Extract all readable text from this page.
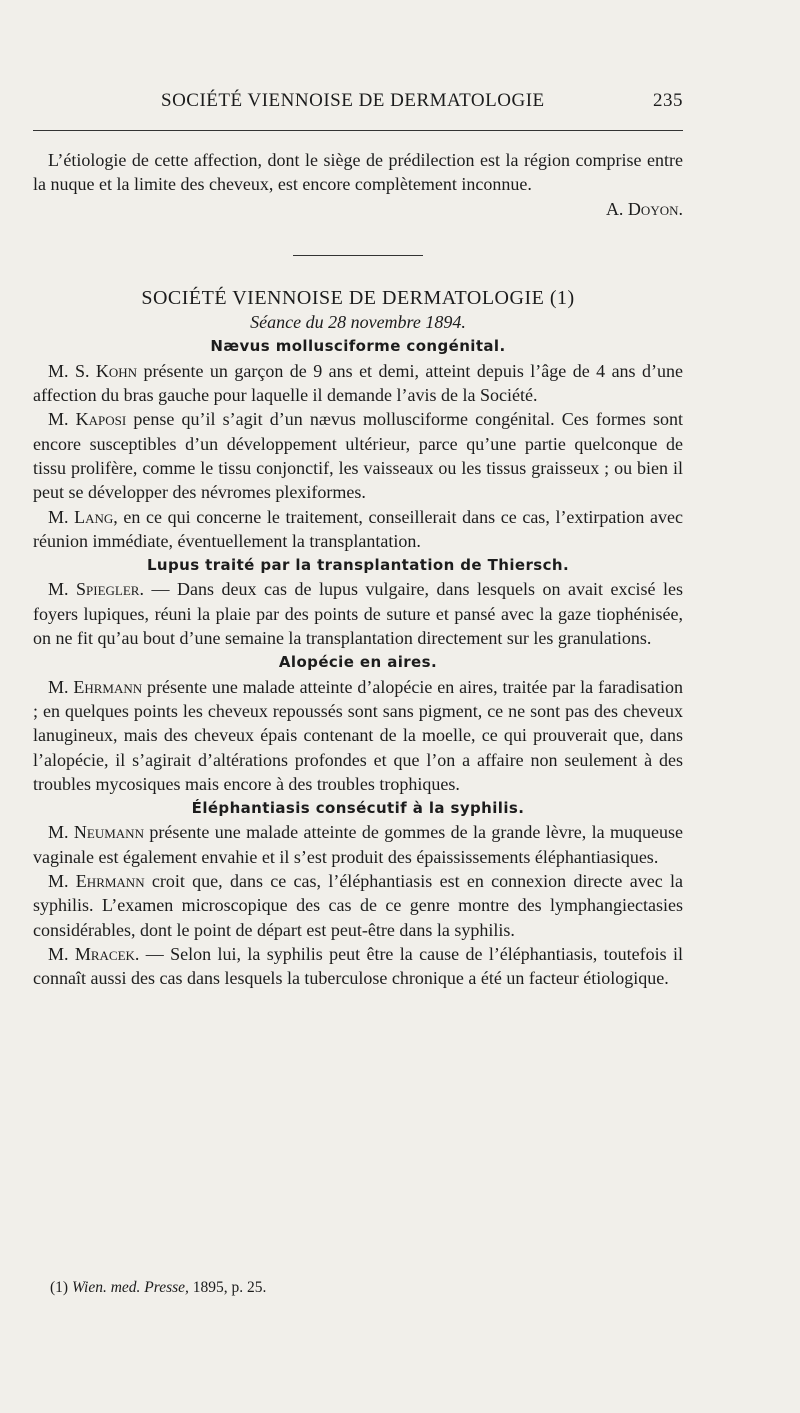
SOCIÉTÉ VIENNOISE DE DERMATOLOGIE	235

L’étiologie de cette affection, dont le siège de prédilection est la région comprise entre la nuque et la limite des cheveux, est encore complètement inconnue.

A. Doyon.

SOCIÉTÉ VIENNOISE DE DERMATOLOGIE (1)

Séance du 28 novembre 1894.

Nævus mollusciforme congénital.

M. S. Kohn présente un garçon de 9 ans et demi, atteint depuis l’âge de 4 ans d’une affection du bras gauche pour laquelle il demande l’avis de la Société.

M. Kaposi pense qu’il s’agit d’un nævus mollusciforme congénital. Ces formes sont encore susceptibles d’un développement ultérieur, parce qu’une partie quelconque de tissu prolifère, comme le tissu conjonctif, les vaisseaux ou les tissus graisseux ; ou bien il peut se développer des névromes plexiformes.

M. Lang, en ce qui concerne le traitement, conseillerait dans ce cas, l’extirpation avec réunion immédiate, éventuellement la transplantation.

Lupus traité par la transplantation de Thiersch.

M. Spiegler. — Dans deux cas de lupus vulgaire, dans lesquels on avait excisé les foyers lupiques, réuni la plaie par des points de suture et pansé avec la gaze tiophénisée, on ne fit qu’au bout d’une semaine la transplantation directement sur les granulations.

Alopécie en aires.

M. Ehrmann présente une malade atteinte d’alopécie en aires, traitée par la faradisation ; en quelques points les cheveux repoussés sont sans pigment, ce ne sont pas des cheveux lanugineux, mais des cheveux épais contenant de la moelle, ce qui prouverait que, dans l’alopécie, il s’agirait d’altérations profondes et que l’on a affaire non seulement à des troubles mycosiques mais encore à des troubles trophiques.

Éléphantiasis consécutif à la syphilis.

M. Neumann présente une malade atteinte de gommes de la grande lèvre, la muqueuse vaginale est également envahie et il s’est produit des épaississements éléphantiasiques.

M. Ehrmann croit que, dans ce cas, l’éléphantiasis est en connexion directe avec la syphilis. L’examen microscopique des cas de ce genre montre des lymphangiectasies considérables, dont le point de départ est peut-être dans la syphilis.

M. Mracek. — Selon lui, la syphilis peut être la cause de l’éléphantiasis, toutefois il connaît aussi des cas dans lesquels la tuberculose chronique a été un facteur étiologique.

(1) Wien. med. Presse, 1895, p. 25.
